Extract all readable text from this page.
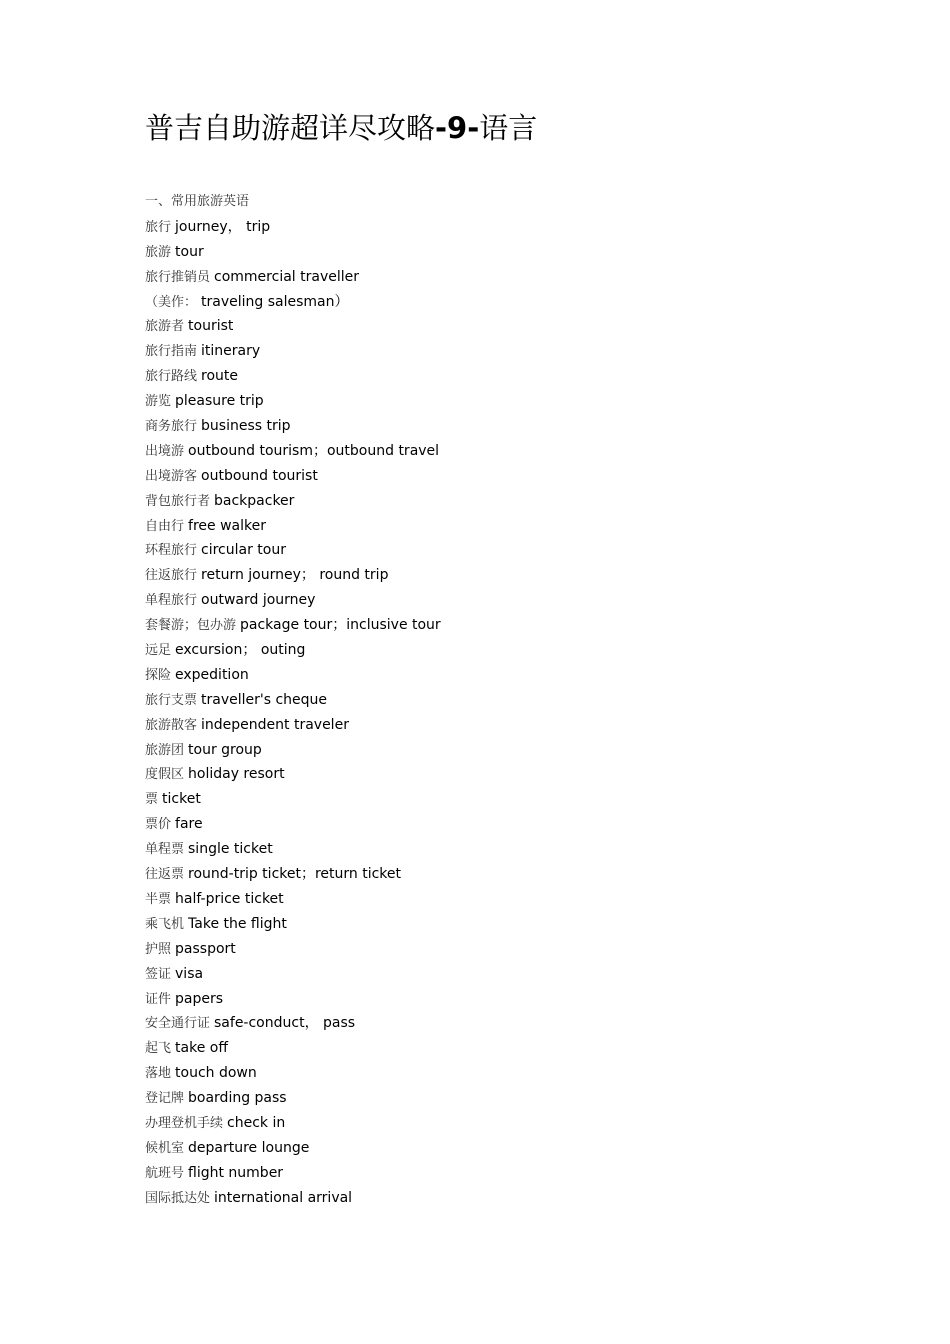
普吉自助游超详尽攻略-9-语言
一、常用旅游英语
旅行 journey， trip
旅游 tour
旅行推销员 commercial traveller
（美作： traveling salesman）
旅游者 tourist
旅行指南 itinerary
旅行路线 route
游览 pleasure trip
商务旅行 business trip
出境游 outbound tourism；outbound travel
出境游客 outbound tourist
背包旅行者 backpacker
自由行 free walker
环程旅行 circular tour
往返旅行 return journey； round trip
单程旅行 outward journey
套餐游；包办游 package tour；inclusive tour
远足 excursion； outing
探险 expedition
旅行支票 traveller's cheque
旅游散客 independent traveler
旅游团 tour group
度假区 holiday resort
票 ticket
票价 fare
单程票 single ticket
往返票 round-trip ticket；return ticket
半票 half-price ticket
乘飞机 Take the flight
护照 passport
签证 visa
证件 papers
安全通行证 safe-conduct， pass
起飞 take off
落地 touch down
登记牌 boarding pass
办理登机手续 check in
候机室 departure lounge
航班号 flight number
国际抵达处 international arrival
